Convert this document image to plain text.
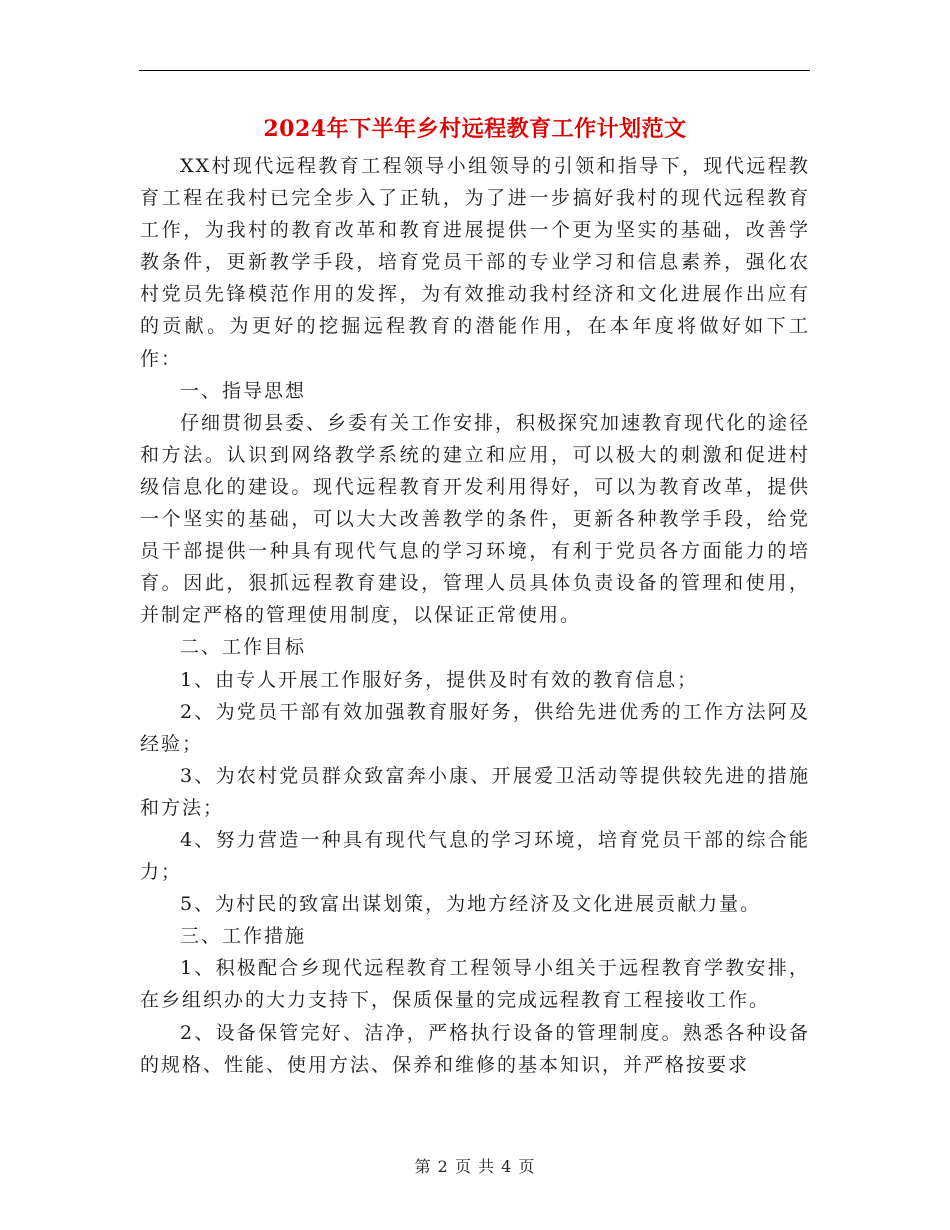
2024年下半年乡村远程教育工作计划范文

XX村现代远程教育工程领导小组领导的引领和指导下，现代远程教育工程在我村已完全步入了正轨，为了进一步搞好我村的现代远程教育工作，为我村的教育改革和教育进展提供一个更为坚实的基础，改善学教条件，更新教学手段，培育党员干部的专业学习和信息素养，强化农村党员先锋模范作用的发挥，为有效推动我村经济和文化进展作出应有的贡献。为更好的挖掘远程教育的潜能作用，在本年度将做好如下工作：

一、指导思想

仔细贯彻县委、乡委有关工作安排，积极探究加速教育现代化的途径和方法。认识到网络教学系统的建立和应用，可以极大的刺激和促进村级信息化的建设。现代远程教育开发利用得好，可以为教育改革，提供一个坚实的基础，可以大大改善教学的条件，更新各种教学手段，给党员干部提供一种具有现代气息的学习环境，有利于党员各方面能力的培育。因此，狠抓远程教育建设，管理人员具体负责设备的管理和使用，并制定严格的管理使用制度，以保证正常使用。

二、工作目标

1、由专人开展工作服好务，提供及时有效的教育信息；

2、为党员干部有效加强教育服好务，供给先进优秀的工作方法阿及经验；

3、为农村党员群众致富奔小康、开展爱卫活动等提供较先进的措施和方法；

4、努力营造一种具有现代气息的学习环境，培育党员干部的综合能力；

5、为村民的致富出谋划策，为地方经济及文化进展贡献力量。

三、工作措施

1、积极配合乡现代远程教育工程领导小组关于远程教育学教安排，在乡组织办的大力支持下，保质保量的完成远程教育工程接收工作。

2、设备保管完好、洁净，严格执行设备的管理制度。熟悉各种设备的规格、性能、使用方法、保养和维修的基本知识，并严格按要求

第 2 页 共 4 页
